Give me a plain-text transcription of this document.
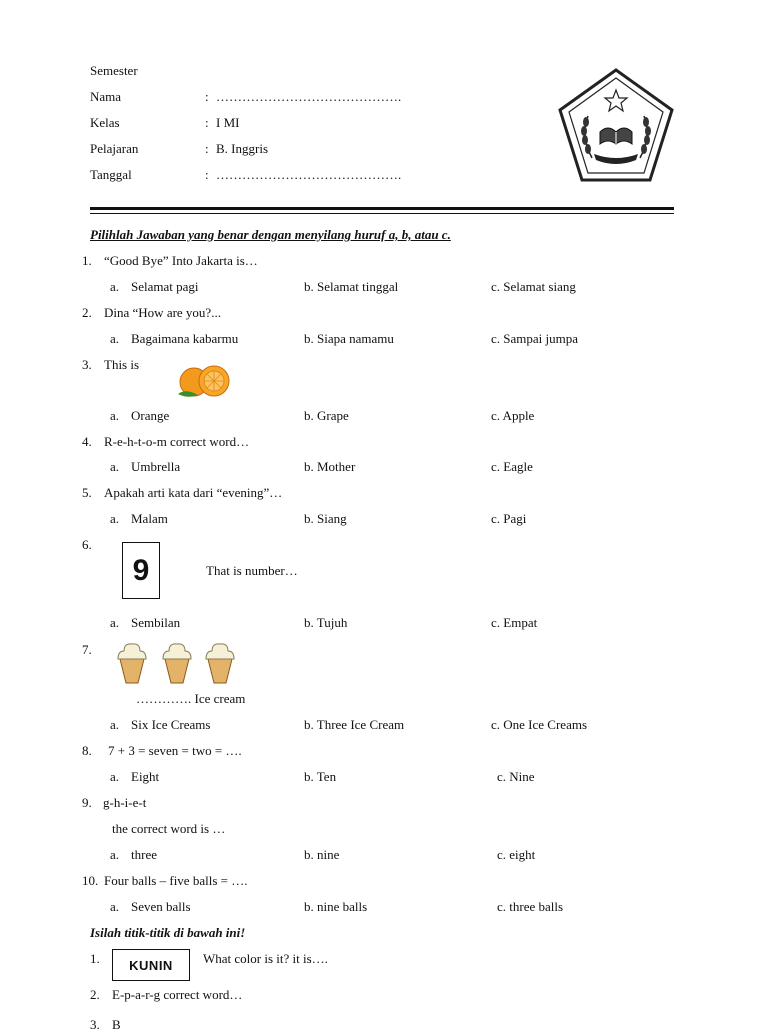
Semester
Nama	: …………………………………….
Kelas	: I MI
Pelajaran	: B. Inggris
Tanggal	: …………………………………….
Pilihlah Jawaban yang benar dengan menyilang huruf a, b, atau c.
1. “Good Bye” Into Jakarta is…
a. Selamat pagi	b. Selamat tinggal	c. Selamat siang
2. Dina “How are you?...
a. Bagaimana kabarmu	b. Siapa namamu	c. Sampai jumpa
3. This is
a. Orange	b. Grape	c. Apple
4. R-e-h-t-o-m correct word…
a. Umbrella	b. Mother	c. Eagle
5. Apakah arti kata dari “evening”…
a. Malam	b. Siang	c. Pagi
6.
9	That is number…
a. Sembilan	b. Tujuh	c. Empat
7.
…………. Ice cream
a. Six Ice Creams	b. Three Ice Cream	c. One Ice Creams
8. 7 + 3 = seven = two = ….
a. Eight	b. Ten	c. Nine
9. g-h-i-e-t
the correct word is …
a. three	b. nine	c. eight
10. Four balls – five balls = ….
a. Seven balls	b. nine balls	c. three balls
Isilah titik-titik di bawah ini!
1.	KUNIN	What color is it? it is….
2. E-p-a-r-g correct word…
3. B
